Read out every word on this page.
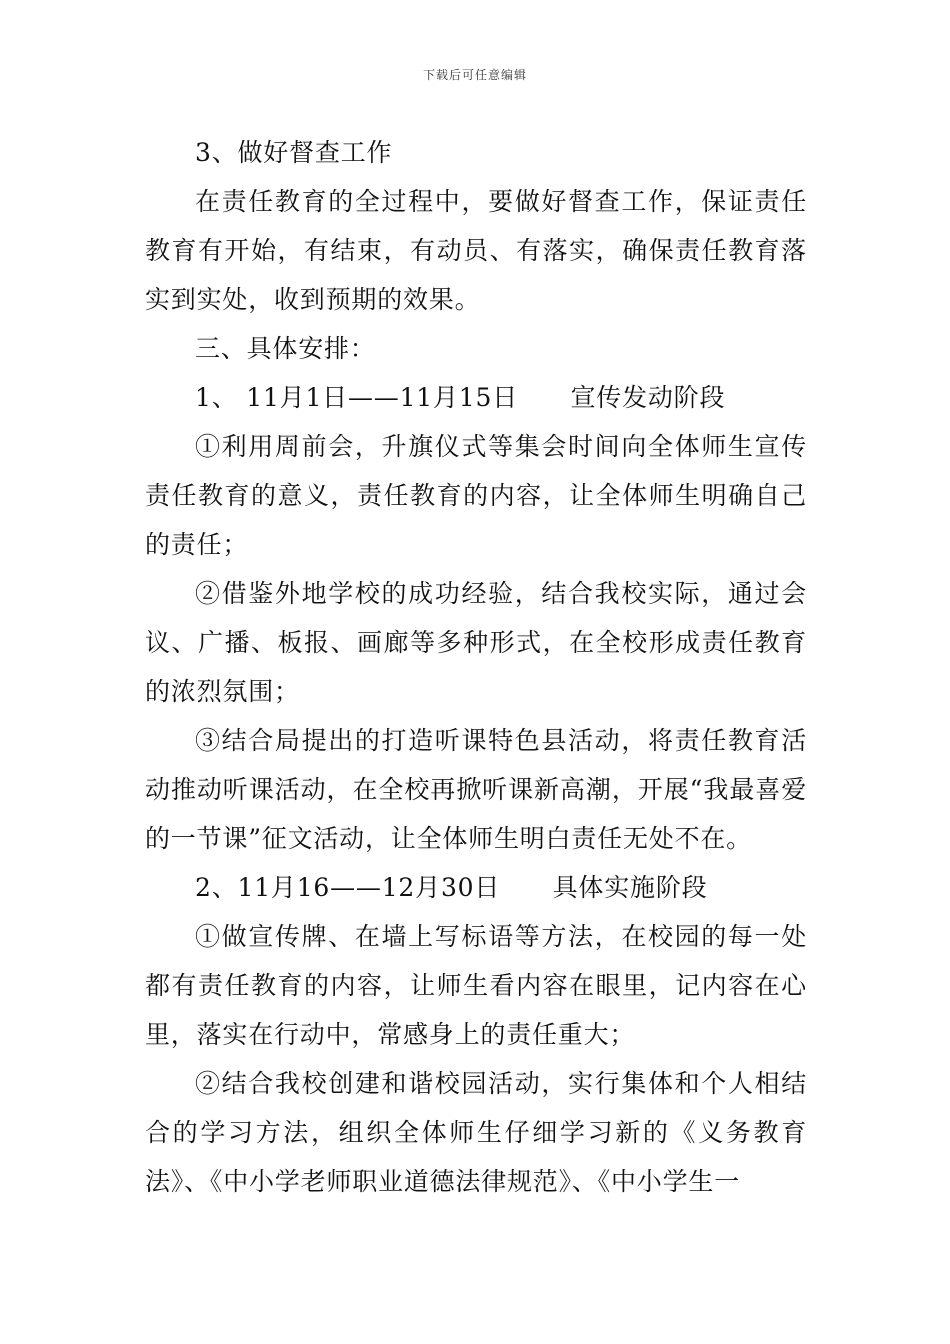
下载后可任意编辑

3、做好督查工作

在责任教育的全过程中，要做好督查工作，保证责任教育有开始，有结束，有动员、有落实，确保责任教育落实到实处，收到预期的效果。

三、具体安排：

1、 11月1日——11月15日      宣传发动阶段

①利用周前会，升旗仪式等集会时间向全体师生宣传责任教育的意义，责任教育的内容，让全体师生明确自己的责任；

②借鉴外地学校的成功经验，结合我校实际，通过会议、广播、板报、画廊等多种形式，在全校形成责任教育的浓烈氛围；

③结合局提出的打造听课特色县活动，将责任教育活动推动听课活动，在全校再掀听课新高潮，开展“我最喜爱的一节课”征文活动，让全体师生明白责任无处不在。

2、11月16——12月30日      具体实施阶段

①做宣传牌、在墙上写标语等方法，在校园的每一处都有责任教育的内容，让师生看内容在眼里，记内容在心里，落实在行动中，常感身上的责任重大；

②结合我校创建和谐校园活动，实行集体和个人相结合的学习方法，组织全体师生仔细学习新的《义务教育法》、《中小学老师职业道德法律规范》、《中小学生一
